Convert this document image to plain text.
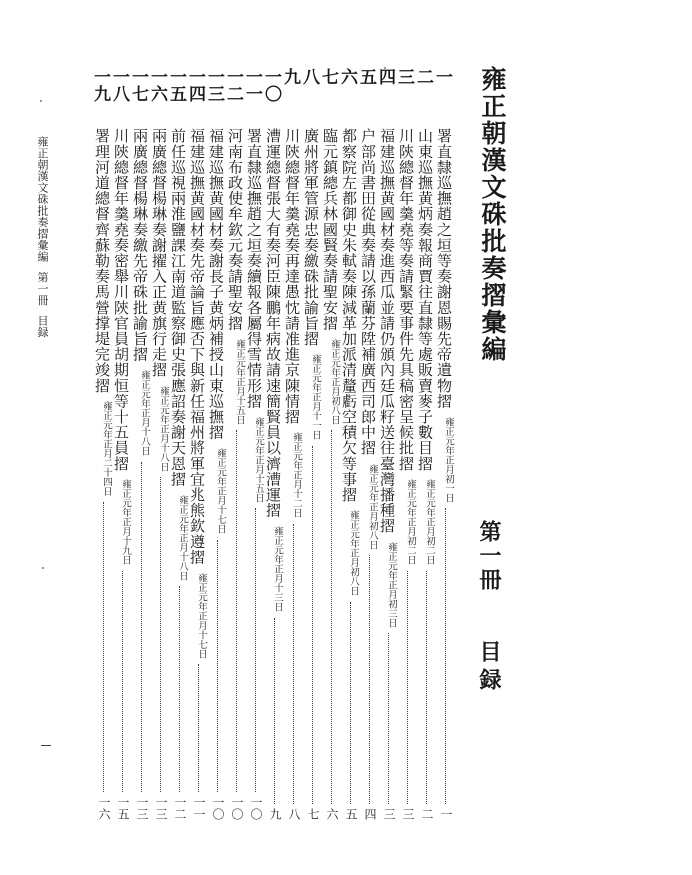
雍正朝漢文硃批奏摺彙編
第一冊
目録
雍正朝漢文硃批奏摺彙編第一冊目録
一
署直隸巡撫趙之垣等奏謝恩賜先帝遺物摺
雍正元年正月初一日
一
二
山東巡撫黄炳奏報商賈往直隸等處販賣麥子數目摺
雍正元年正月初二日
二
三
川陝總督年羹堯等奏請緊要事件先具稿密呈候批摺
雍正元年正月初二日
三
四
福建巡撫黄國材奏進西瓜並請仍頒內廷瓜籽送往臺灣播種摺
雍正元年正月初三日
三
五
户部尚書田從典奏請以孫蘭芬陞補廣西司郎中摺
雍正元年正月初八日
四
六
都察院左都御史朱軾奏陳減革加派清釐虧空積欠等事摺
雍正元年正月初八日
五
七
臨元鎮總兵林國賢奏請聖安摺
雍正元年正月初八日
六
八
廣州將軍管源忠奏繳硃批諭旨摺
雍正元年正月十一日
七
九
川陝總督年羹堯奏再達愚忱請准進京陳情摺
雍正元年正月十二日
八
一〇
漕運總督張大有奏河臣陳鵬年病故請速簡賢員以濟漕運摺
雍正元年正月十三日
九
一一
署直隸巡撫趙之垣奏續報各屬得雪情形摺
雍正元年正月十五日
一〇
一二
河南布政使牟欽元奏請聖安摺
雍正元年正月十五日
一〇
一三
福建巡撫黄國材奏謝長子黄炳補授山東巡撫摺
雍正元年正月十七日
一〇
一四
福建巡撫黄國材奏先帝論旨應否下與新任福州將軍宜兆熊欽遵摺
雍正元年正月十七日
一一
一五
前任巡視兩淮鹽課江南道監察御史張應詔奏謝天恩摺
雍正元年正月十八日
一二
一六
兩廣總督楊琳奏謝擢入正黄旗行走摺
雍正元年正月十八日
一三
一七
兩廣總督楊琳奏繳先帝硃批諭旨摺
雍正元年正月十八日
一三
一八
川陝總督年羹堯奏密舉川陝官員胡期恒等十五員摺
雍正元年正月十九日
一五
一九
署理河道總督齊蘇勒奏馬營撑堤完竣摺
雍正元年正月二十四日
一六
